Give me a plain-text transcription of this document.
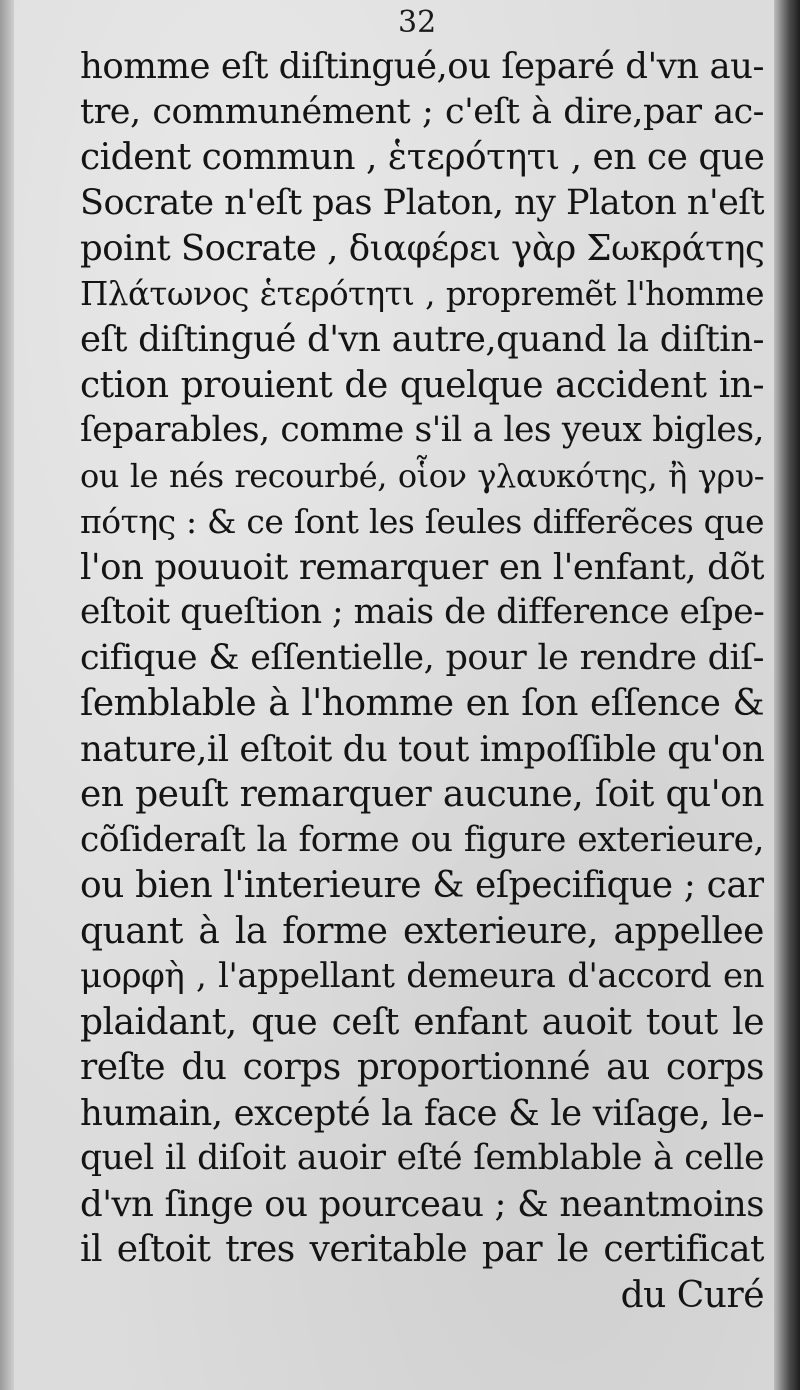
32
homme eſt diſtingué,ou ſeparé d'vn au-
tre, communément ; c'eſt à dire,par ac-
cident commun , ἑτερότητι , en ce que
Socrate n'eſt pas Platon, ny Platon n'eſt
point Socrate , διαφέρει γὰρ Σωκράτης
Πλάτωνος ἑτερότητι , propremẽt l'homme
eſt diſtingué d'vn autre,quand la diſtin-
ction prouient de quelque accident in-
ſeparables, comme s'il a les yeux bigles,
ou le nés recourbé, οἷον γλαυκότης, ἢ γρυ-
πότης : & ce ſont les ſeules differẽces que
l'on pouuoit remarquer en l'enfant, dõt
eſtoit queſtion ; mais de difference eſpe-
cifique & eſſentielle, pour le rendre diſ-
ſemblable à l'homme en ſon eſſence &
nature,il eſtoit du tout impoſſible qu'on
en peuſt remarquer aucune, ſoit qu'on
cõſideraſt la forme ou figure exterieure,
ou bien l'interieure & eſpecifique ; car
quant à la forme exterieure, appellee
μορφὴ , l'appellant demeura d'accord en
plaidant, que ceſt enfant auoit tout le
reſte du corps proportionné au corps
humain, excepté la face & le viſage, le-
quel il diſoit auoir eſté ſemblable à celle
d'vn ſinge ou pourceau ; & neantmoins
il eſtoit tres veritable par le certificat
du Curé
